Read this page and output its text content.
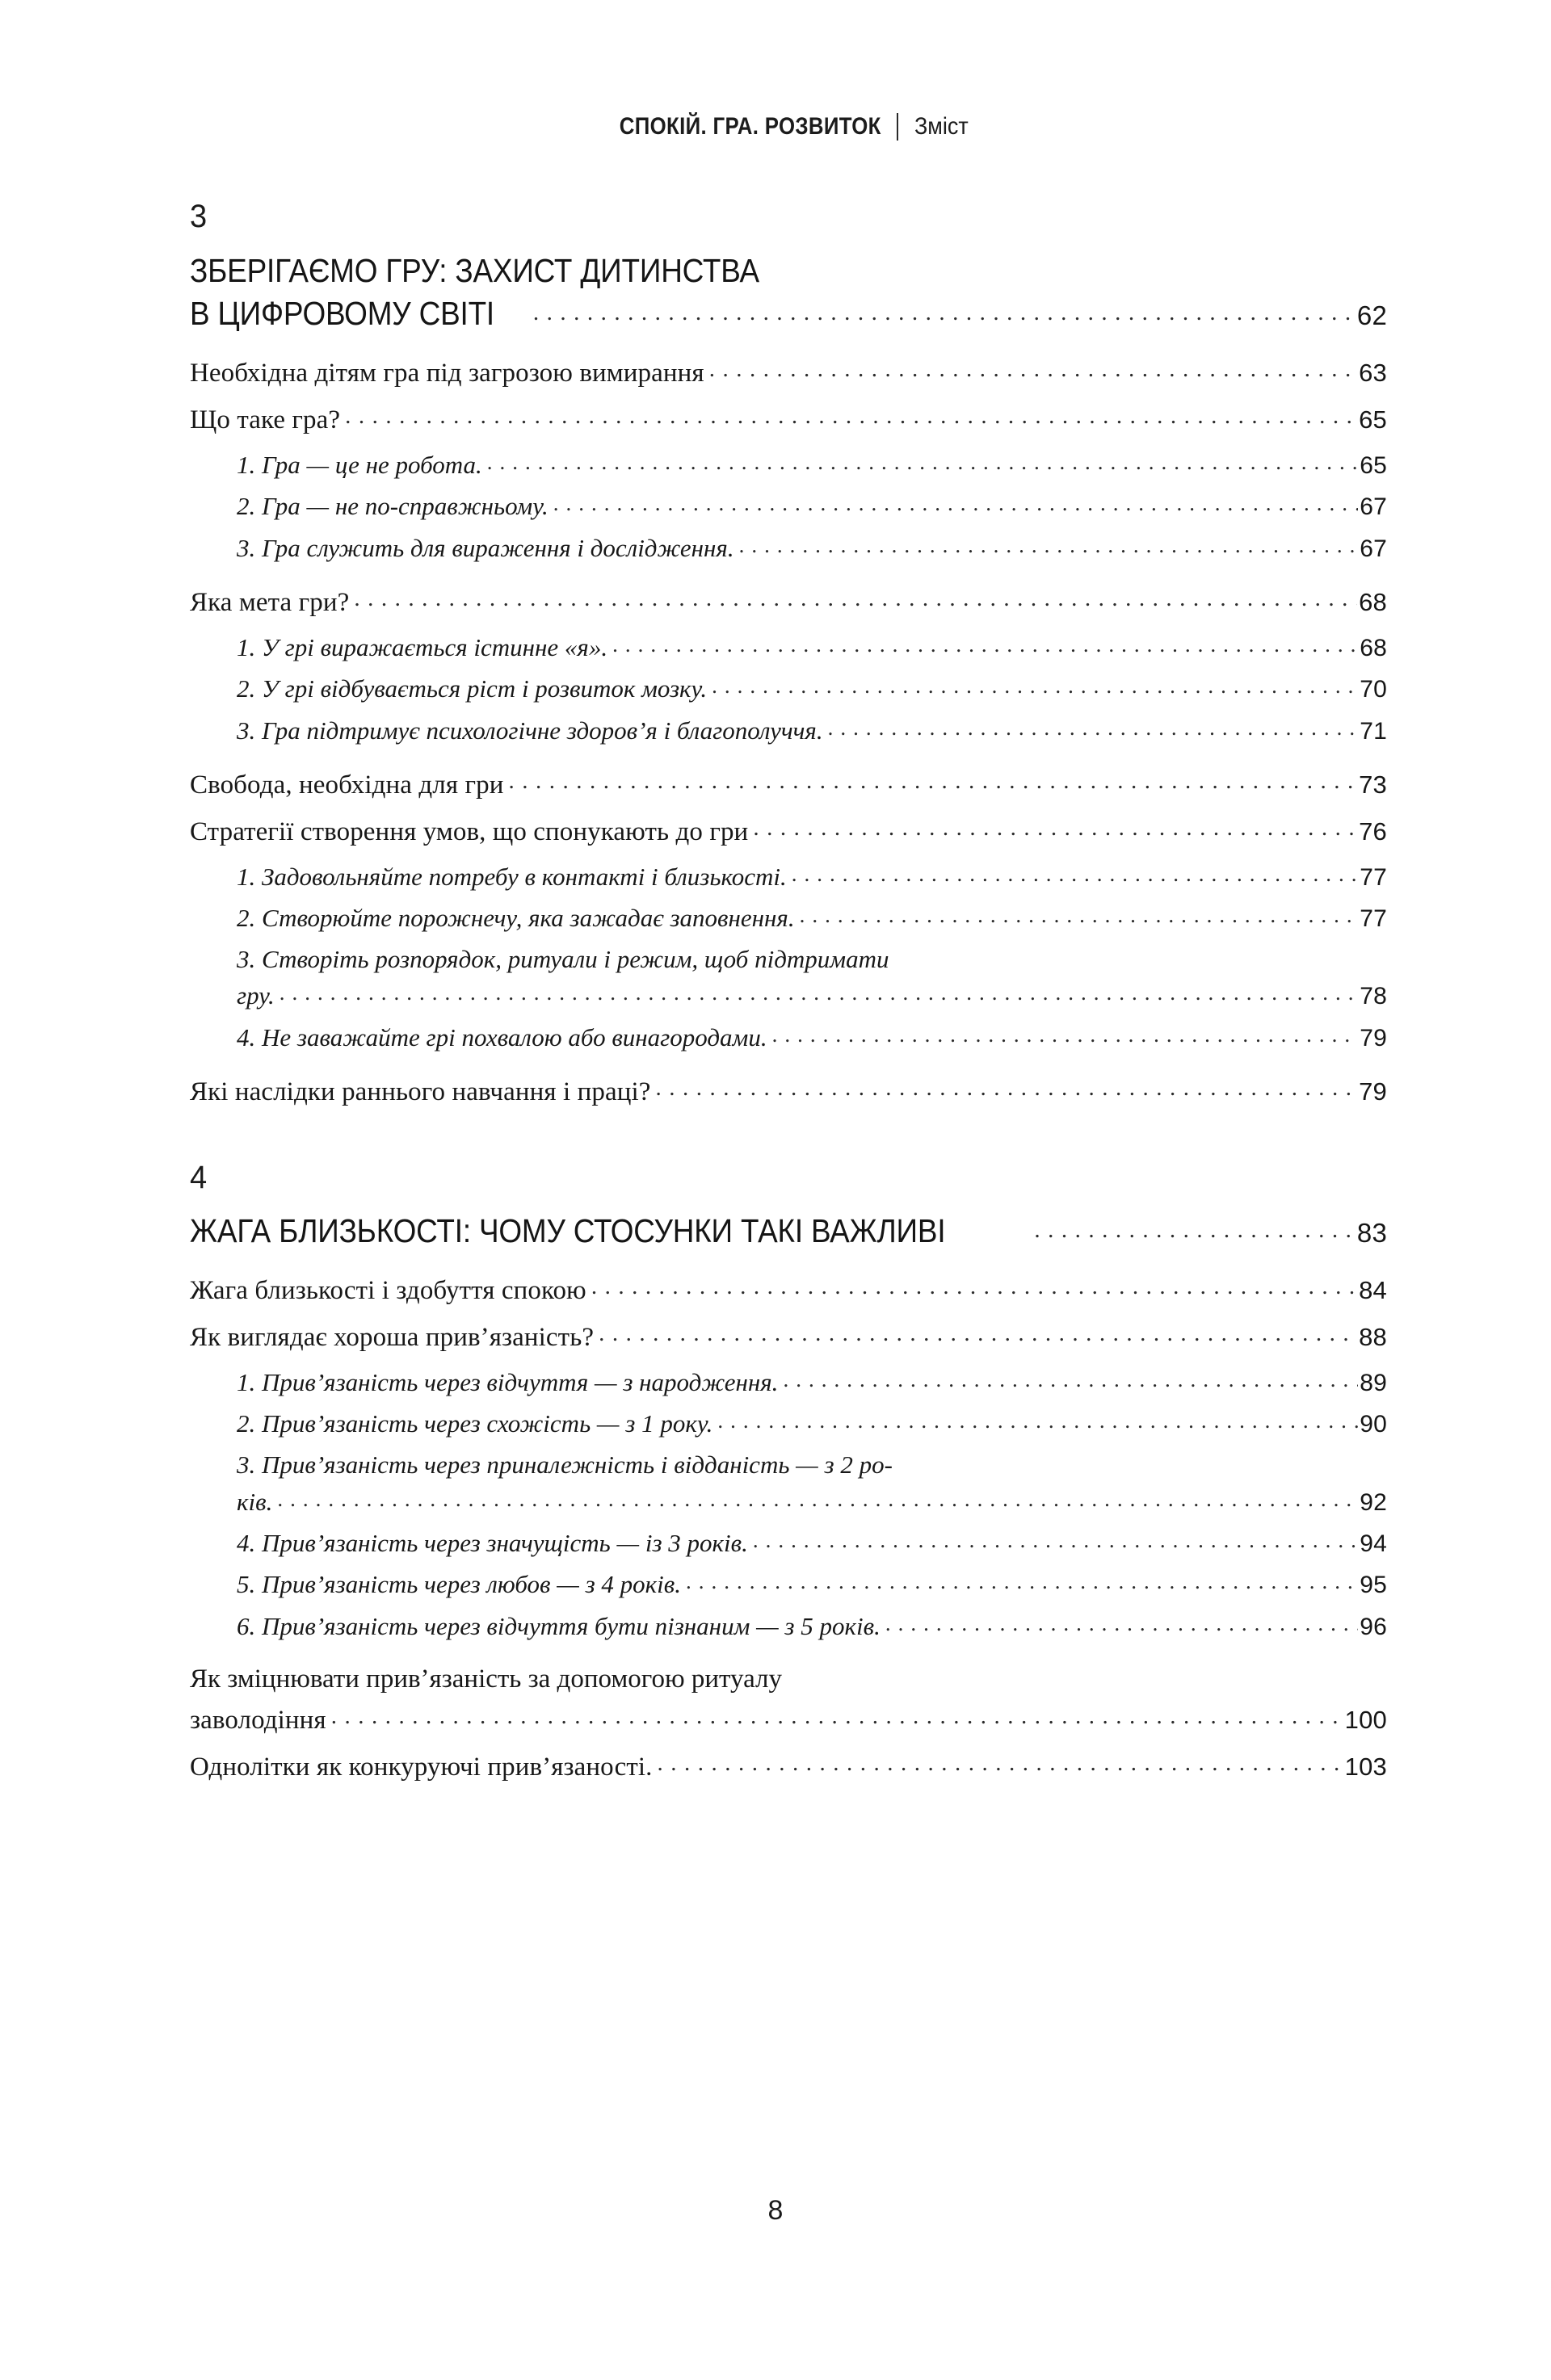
СПОКІЙ. ГРА. РОЗВИТОК Зміст
3
ЗБЕРІГАЄМО ГРУ: ЗАХИСТ ДИТИНСТВА
В ЦИФРОВОМУ СВІТІ .....	62
Необхідна дітям гра під загрозою вимирання .....	63
Що таке гра? .....	65
1. Гра — це не робота. .....	65
2. Гра — не по-справжньому. .....	67
3. Гра служить для вираження і дослідження. .....	67
Яка мета гри? .....	68
1. У грі виражається істинне «я». .....	68
2. У грі відбувається ріст і розвиток мозку. .....	70
3. Гра підтримує психологічне здоров’я і благополуччя. .....	71
Свобода, необхідна для гри .....	73
Стратегії створення умов, що спонукають до гри .....	76
1. Задовольняйте потребу в контакті і близькості. .....	77
2. Створюйте порожнечу, яка зажадає заповнення. .....	77
3. Створіть розпорядок, ритуали і режим, щоб підтримати
гру. .....	78
4. Не заважайте грі похвалою або винагородами. .....	79
Які наслідки раннього навчання і праці? .....	79
4
ЖАГА БЛИЗЬКОСТІ: ЧОМУ СТОСУНКИ ТАКІ ВАЖЛИВІ .....	83
Жага близькості і здобуття спокою .....	84
Як виглядає хороша прив’язаність? .....	88
1. Прив’язаність через відчуття — з народження. .....	89
2. Прив’язаність через схожість — з 1 року. .....	90
3. Прив’язаність через приналежність і відданість — з 2 ро-
ків. .....	92
4. Прив’язаність через значущість — із 3 років. .....	94
5. Прив’язаність через любов — з 4 років. .....	95
6. Прив’язаність через відчуття бути пізнаним — з 5 років. .....	96
Як зміцнювати прив’язаність за допомогою ритуалу
заволодіння .....	100
Однолітки як конкуруючі прив’язаності. .....	103
8
